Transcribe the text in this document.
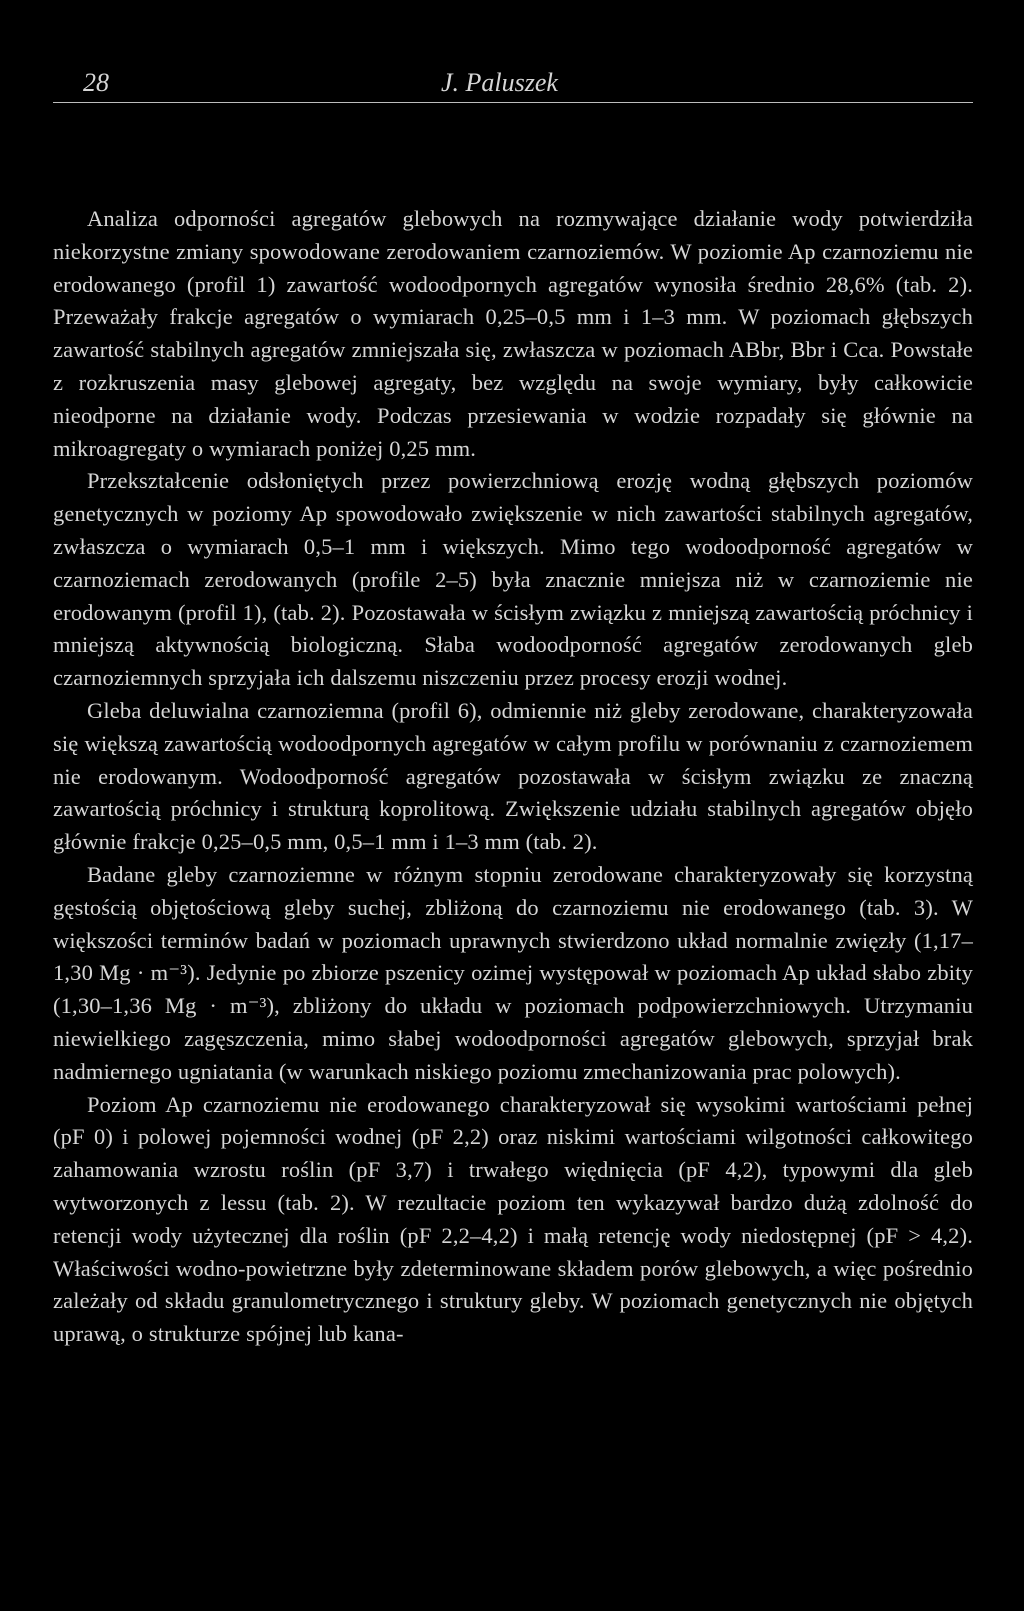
28	J. Paluszek

Analiza odporności agregatów glebowych na rozmywające działanie wody potwierdziła niekorzystne zmiany spowodowane zerodowaniem czarnoziemów. W poziomie Ap czarnoziemu nie erodowanego (profil 1) zawartość wodoodpornych agregatów wynosiła średnio 28,6% (tab. 2). Przeważały frakcje agregatów o wymiarach 0,25–0,5 mm i 1–3 mm. W poziomach głębszych zawartość stabilnych agregatów zmniejszała się, zwłaszcza w poziomach ABbr, Bbr i Cca. Powstałe z rozkruszenia masy glebowej agregaty, bez względu na swoje wymiary, były całkowicie nieodporne na działanie wody. Podczas przesiewania w wodzie rozpadały się głównie na mikroagregaty o wymiarach poniżej 0,25 mm.

Przekształcenie odsłoniętych przez powierzchniową erozję wodną głębszych poziomów genetycznych w poziomy Ap spowodowało zwiększenie w nich zawartości stabilnych agregatów, zwłaszcza o wymiarach 0,5–1 mm i większych. Mimo tego wodoodporność agregatów w czarnoziemach zerodowanych (profile 2–5) była znacznie mniejsza niż w czarnoziemie nie erodowanym (profil 1), (tab. 2). Pozostawała w ścisłym związku z mniejszą zawartością próchnicy i mniejszą aktywnością biologiczną. Słaba wodoodporność agregatów zerodowanych gleb czarnoziemnych sprzyjała ich dalszemu niszczeniu przez procesy erozji wodnej.

Gleba deluwialna czarnoziemna (profil 6), odmiennie niż gleby zerodowane, charakteryzowała się większą zawartością wodoodpornych agregatów w całym profilu w porównaniu z czarnoziemem nie erodowanym. Wodoodporność agregatów pozostawała w ścisłym związku ze znaczną zawartością próchnicy i strukturą koprolitową. Zwiększenie udziału stabilnych agregatów objęło głównie frakcje 0,25–0,5 mm, 0,5–1 mm i 1–3 mm (tab. 2).

Badane gleby czarnoziemne w różnym stopniu zerodowane charakteryzowały się korzystną gęstością objętościową gleby suchej, zbliżoną do czarnoziemu nie erodowanego (tab. 3). W większości terminów badań w poziomach uprawnych stwierdzono układ normalnie zwięzły (1,17–1,30 Mg · m⁻³). Jedynie po zbiorze pszenicy ozimej występował w poziomach Ap układ słabo zbity (1,30–1,36 Mg · m⁻³), zbliżony do układu w poziomach podpowierzchniowych. Utrzymaniu niewielkiego zagęszczenia, mimo słabej wodoodporności agregatów glebowych, sprzyjał brak nadmiernego ugniatania (w warunkach niskiego poziomu zmechanizowania prac polowych).

Poziom Ap czarnoziemu nie erodowanego charakteryzował się wysokimi wartościami pełnej (pF 0) i polowej pojemności wodnej (pF 2,2) oraz niskimi wartościami wilgotności całkowitego zahamowania wzrostu roślin (pF 3,7) i trwałego więdnięcia (pF 4,2), typowymi dla gleb wytworzonych z lessu (tab. 2). W rezultacie poziom ten wykazywał bardzo dużą zdolność do retencji wody użytecznej dla roślin (pF 2,2–4,2) i małą retencję wody niedostępnej (pF > 4,2). Właściwości wodno-powietrzne były zdeterminowane składem porów glebowych, a więc pośrednio zależały od składu granulometrycznego i struktury gleby. W poziomach genetycznych nie objętych uprawą, o strukturze spójnej lub kana-
